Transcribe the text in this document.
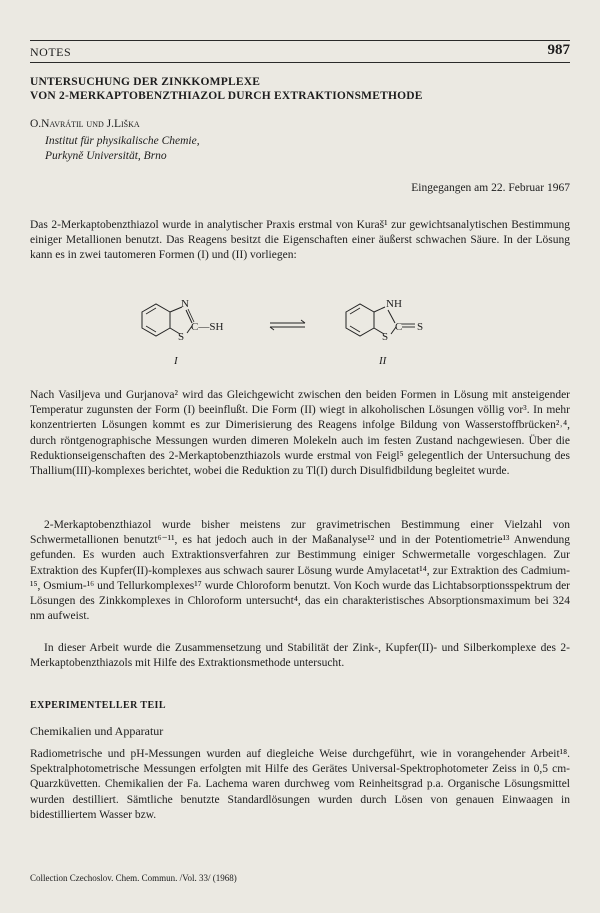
NOTES	987
UNTERSUCHUNG DER ZINKKOMPLEXE
VON 2-MERKAPTOBENZTHIAZOL DURCH EXTRAKTIONSMETHODE
O.Navrátil und J.Liška
Institut für physikalische Chemie,
Purkyně Universität, Brno
Eingegangen am 22. Februar 1967

Das 2-Merkaptobenzthiazol wurde in analytischer Praxis erstmal von Kuraš¹ zur gewichtsanalytischen Bestimmung einiger Metallionen benutzt. Das Reagens besitzt die Eigenschaften einer äußerst schwachen Säure. In der Lösung kann es in zwei tautomeren Formen (I) und (II) vorliegen:

N
S
C—SH
I
NH
S
C S
II

Nach Vasiljeva und Gurjanova² wird das Gleichgewicht zwischen den beiden Formen in Lösung mit ansteigender Temperatur zugunsten der Form (I) beeinflußt. Die Form (II) wiegt in alkoholischen Lösungen völlig vor³. In mehr konzentrierten Lösungen kommt es zur Dimerisierung des Reagens infolge Bildung von Wasserstoffbrücken²˒⁴, durch röntgenographische Messungen wurden dimeren Molekeln auch im festen Zustand nachgewiesen. Über die Reduktionseigenschaften des 2-Merkaptobenzthiazols wurde erstmal von Feigl⁵ gelegentlich der Untersuchung des Thallium(III)-komplexes berichtet, wobei die Reduktion zu Tl(I) durch Disulfidbildung begleitet wurde.

2-Merkaptobenzthiazol wurde bisher meistens zur gravimetrischen Bestimmung einer Vielzahl von Schwermetallionen benutzt⁶⁻¹¹, es hat jedoch auch in der Maßanalyse¹² und in der Potentiometrie¹³ Anwendung gefunden. Es wurden auch Extraktionsverfahren zur Bestimmung einiger Schwermetalle vorgeschlagen. Zur Extraktion des Kupfer(II)-komplexes aus schwach saurer Lösung wurde Amylacetat¹⁴, zur Extraktion des Cadmium-¹⁵, Osmium-¹⁶ und Tellurkomplexes¹⁷ wurde Chloroform benutzt. Von Koch wurde das Lichtabsorptionsspektrum der Lösungen des Zinkkomplexes in Chloroform untersucht⁴, das ein charakteristisches Absorptionsmaximum bei 324 nm aufweist.

In dieser Arbeit wurde die Zusammensetzung und Stabilität der Zink-, Kupfer(II)- und Silberkomplexe des 2-Merkaptobenzthiazols mit Hilfe des Extraktionsmethode untersucht.

EXPERIMENTELLER TEIL
Chemikalien und Apparatur

Radiometrische und pH-Messungen wurden auf diegleiche Weise durchgeführt, wie in vorangehender Arbeit¹⁸. Spektralphotometrische Messungen erfolgten mit Hilfe des Gerätes Universal-Spektrophotometer Zeiss in 0,5 cm-Quarzküvetten. Chemikalien der Fa. Lachema waren durchweg vom Reinheitsgrad p.a. Organische Lösungsmittel wurden destilliert. Sämtliche benutzte Standardlösungen wurden durch Lösen von genauen Einwaagen in bidestilliertem Wasser bzw.

Collection Czechoslov. Chem. Commun. /Vol. 33/ (1968)
